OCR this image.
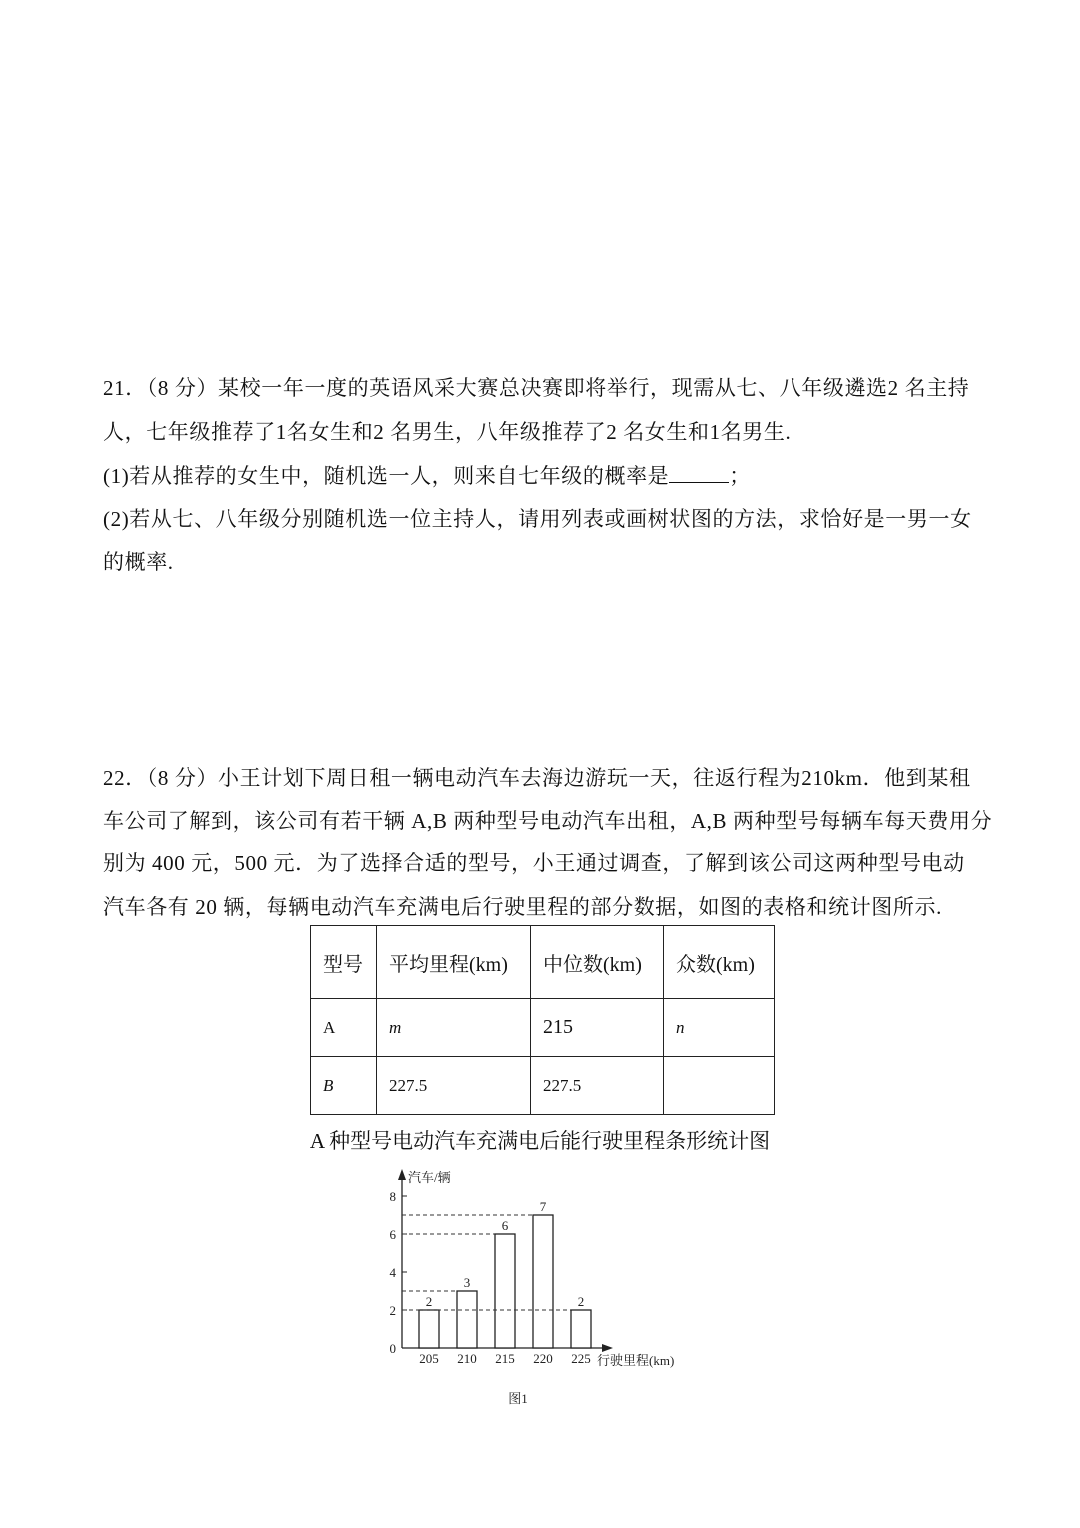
21．（8 分）某校一年一度的英语风采大赛总决赛即将举行，现需从七、八年级遴选2 名主持
人，七年级推荐了1名女生和2 名男生，八年级推荐了2 名女生和1名男生.
(1)若从推荐的女生中，随机选一人，则来自七年级的概率是	；
(2)若从七、八年级分别随机选一位主持人，请用列表或画树状图的方法，求恰好是一男一女
的概率.
22．（8 分）小王计划下周日租一辆电动汽车去海边游玩一天，往返行程为210km．他到某租
车公司了解到，该公司有若干辆 A,B 两种型号电动汽车出租，A,B 两种型号每辆车每天费用分
别为 400 元，500 元．为了选择合适的型号，小王通过调查，了解到该公司这两种型号电动
汽车各有 20 辆，每辆电动汽车充满电后行驶里程的部分数据，如图的表格和统计图所示.
型号	平均里程(km)	中位数(km)	众数(km)
A	m	215	n
B	227.5	227.5	
A 种型号电动汽车充满电后能行驶里程条形统计图
汽车/辆
行驶里程(km)
0
2
4
6
8
2
205
3
210
6
215
7
220
2
225
图1
